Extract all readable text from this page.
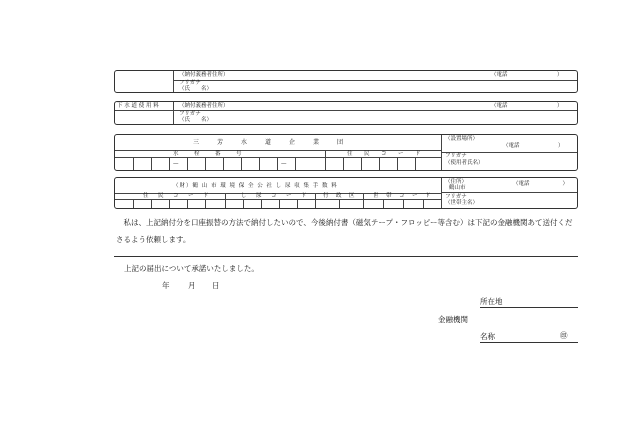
（納付義務者住所）	（電話　　　　　　　　　）
フリガナ
（氏　　名）
下 水 道 使 用 料	（納付義務者住所）	（電話　　　　　　　　　）
フリガナ
（氏　　名）
三　芳　水　道　企　業　団
水　栓　番　号	住　民　コ　ー　ド
—	—
（設置場所）
（電話　　　　　　　）
フリガナ
（使用者氏名）
（財）鶴 山 市 環 境 保 全 公 社 し 尿 収 集 手 数 料
住　民　コ　ー　ド	し　尿　コ　ー　ド	行　政　区	世　帯　コ　ー　ド
（住所）
鶴山市
（電話　　　　　　）
フリガナ
（世帯主名）
　私は、上記納付分を口座振替の方法で納付したいので、今後納付書（磁気テープ・フロッピー等含む）は下記の金融機関あて送付くださるよう依頼します。
上記の届出について承諾いたしました。
年 月 日
所在地
金融機関
名称	㊞
